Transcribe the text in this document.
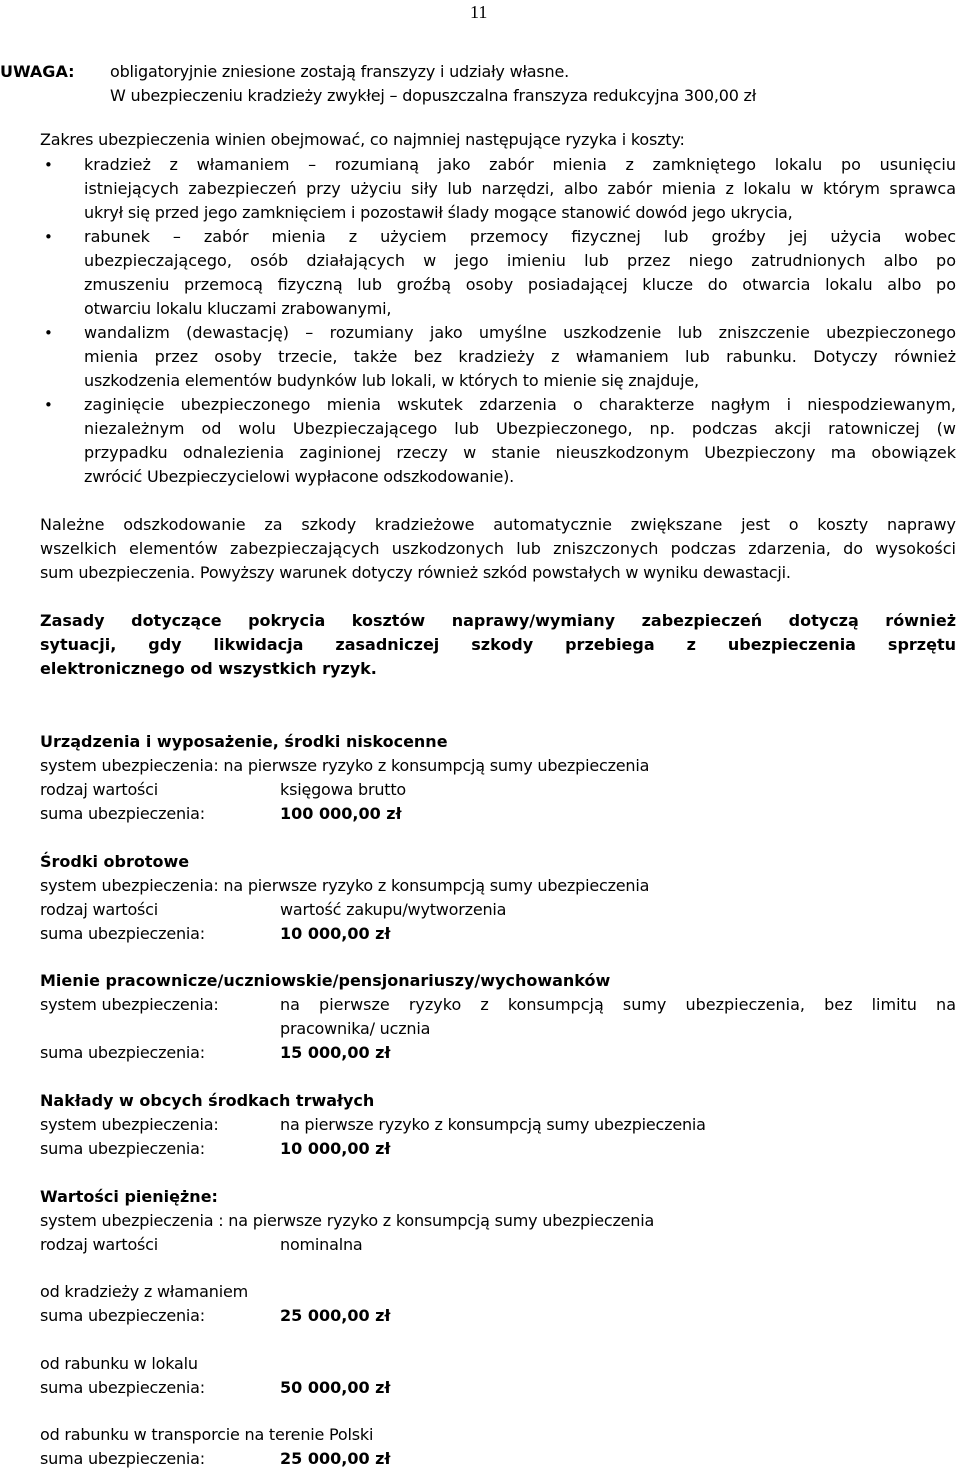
11
UWAGA: obligatoryjnie zniesione zostają franszyzy i udziały własne.
W ubezpieczeniu kradzieży zwykłej – dopuszczalna franszyza redukcyjna 300,00 zł
Zakres ubezpieczenia winien obejmować, co najmniej następujące ryzyka i koszty:
• kradzież z włamaniem – rozumianą jako zabór mienia z zamkniętego lokalu po usunięciu
istniejących zabezpieczeń przy użyciu siły lub narzędzi, albo zabór mienia z lokalu w którym sprawca
ukrył się przed jego zamknięciem i pozostawił ślady mogące stanowić dowód jego ukrycia,
• rabunek – zabór mienia z użyciem przemocy fizycznej lub groźby jej użycia wobec
ubezpieczającego, osób działających w jego imieniu lub przez niego zatrudnionych albo po
zmuszeniu przemocą fizyczną lub groźbą osoby posiadającej klucze do otwarcia lokalu albo po
otwarciu lokalu kluczami zrabowanymi,
• wandalizm (dewastację) – rozumiany jako umyślne uszkodzenie lub zniszczenie ubezpieczonego
mienia przez osoby trzecie, także bez kradzieży z włamaniem lub rabunku. Dotyczy również
uszkodzenia elementów budynków lub lokali, w których to mienie się znajduje,
• zaginięcie ubezpieczonego mienia wskutek zdarzenia o charakterze nagłym i niespodziewanym,
niezależnym od wolu Ubezpieczającego lub Ubezpieczonego, np. podczas akcji ratowniczej (w
przypadku odnalezienia zaginionej rzeczy w stanie nieuszkodzonym Ubezpieczony ma obowiązek
zwrócić Ubezpieczycielowi wypłacone odszkodowanie).
Należne odszkodowanie za szkody kradzieżowe automatycznie zwiększane jest o koszty naprawy
wszelkich elementów zabezpieczających uszkodzonych lub zniszczonych podczas zdarzenia, do wysokości
sum ubezpieczenia. Powyższy warunek dotyczy również szkód powstałych w wyniku dewastacji.
Zasady dotyczące pokrycia kosztów naprawy/wymiany zabezpieczeń dotyczą również
sytuacji, gdy likwidacja zasadniczej szkody przebiega z ubezpieczenia sprzętu
elektronicznego od wszystkich ryzyk.
Urządzenia i wyposażenie, środki niskocenne
system ubezpieczenia: na pierwsze ryzyko z konsumpcją sumy ubezpieczenia
rodzaj wartości	księgowa brutto
suma ubezpieczenia:	100 000,00 zł
Środki obrotowe
system ubezpieczenia: na pierwsze ryzyko z konsumpcją sumy ubezpieczenia
rodzaj wartości	wartość zakupu/wytworzenia
suma ubezpieczenia:	10 000,00 zł
Mienie pracownicze/uczniowskie/pensjonariuszy/wychowanków
system ubezpieczenia:	na pierwsze ryzyko z konsumpcją sumy ubezpieczenia, bez limitu na
pracownika/ ucznia
suma ubezpieczenia:	15 000,00 zł
Nakłady w obcych środkach trwałych
system ubezpieczenia:	na pierwsze ryzyko z konsumpcją sumy ubezpieczenia
suma ubezpieczenia:	10 000,00 zł
Wartości pieniężne:
system ubezpieczenia : na pierwsze ryzyko z konsumpcją sumy ubezpieczenia
rodzaj wartości	nominalna
od kradzieży z włamaniem
suma ubezpieczenia:	25 000,00 zł
od rabunku w lokalu
suma ubezpieczenia:	50 000,00 zł
od rabunku w transporcie na terenie Polski
suma ubezpieczenia:	25 000,00 zł
